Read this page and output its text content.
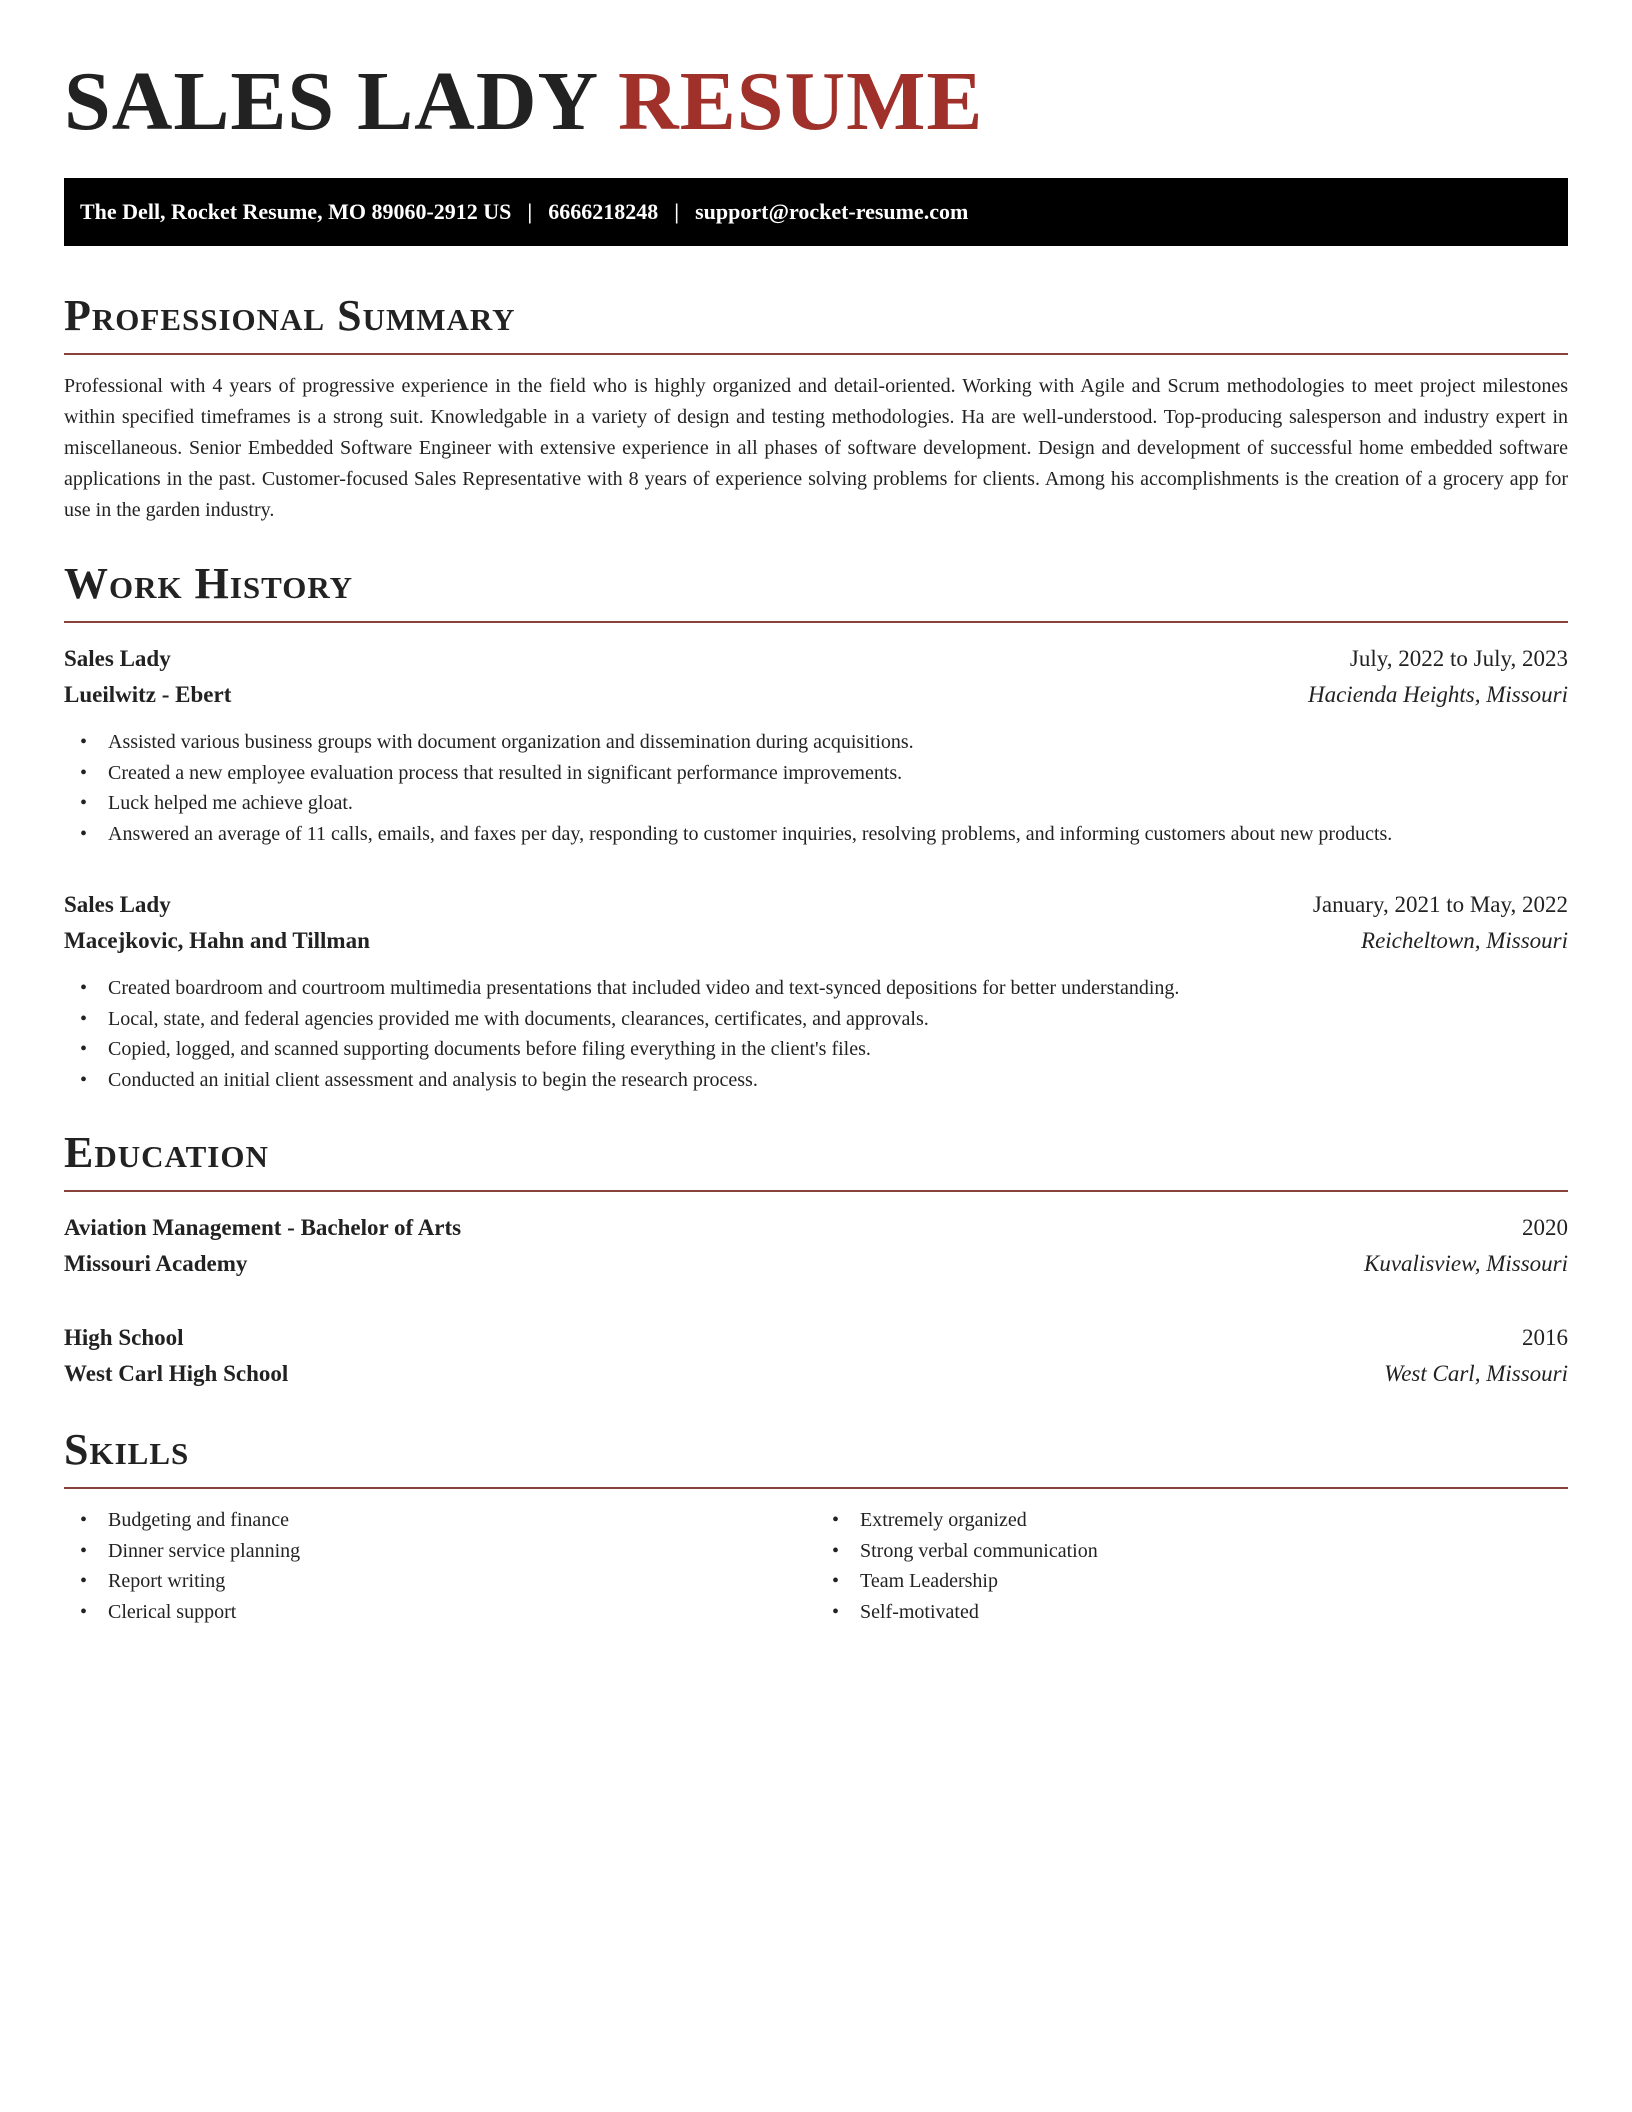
SALES LADY RESUME
The Dell, Rocket Resume, MO 89060-2912 US | 6666218248 | support@rocket-resume.com
Professional Summary

Professional with 4 years of progressive experience in the field who is highly organized and detail-oriented. Working with Agile and Scrum methodologies to meet project milestones within specified timeframes is a strong suit. Knowledgable in a variety of design and testing methodologies. Ha are well-understood. Top-producing salesperson and industry expert in miscellaneous. Senior Embedded Software Engineer with extensive experience in all phases of software development. Design and development of successful home embedded software applications in the past. Customer-focused Sales Representative with 8 years of experience solving problems for clients. Among his accomplishments is the creation of a grocery app for use in the garden industry.

Work History
Sales Lady	July, 2022 to July, 2023
Lueilwitz - Ebert	Hacienda Heights, Missouri
• Assisted various business groups with document organization and dissemination during acquisitions.
• Created a new employee evaluation process that resulted in significant performance improvements.
• Luck helped me achieve gloat.
• Answered an average of 11 calls, emails, and faxes per day, responding to customer inquiries, resolving problems, and informing customers about new products.
Sales Lady	January, 2021 to May, 2022
Macejkovic, Hahn and Tillman	Reicheltown, Missouri
• Created boardroom and courtroom multimedia presentations that included video and text-synced depositions for better understanding.
• Local, state, and federal agencies provided me with documents, clearances, certificates, and approvals.
• Copied, logged, and scanned supporting documents before filing everything in the client's files.
• Conducted an initial client assessment and analysis to begin the research process.
Education
Aviation Management - Bachelor of Arts	2020
Missouri Academy	Kuvalisview, Missouri
High School	2016
West Carl High School	West Carl, Missouri
Skills
• Budgeting and finance
• Dinner service planning
• Report writing
• Clerical support
• Extremely organized
• Strong verbal communication
• Team Leadership
• Self-motivated
